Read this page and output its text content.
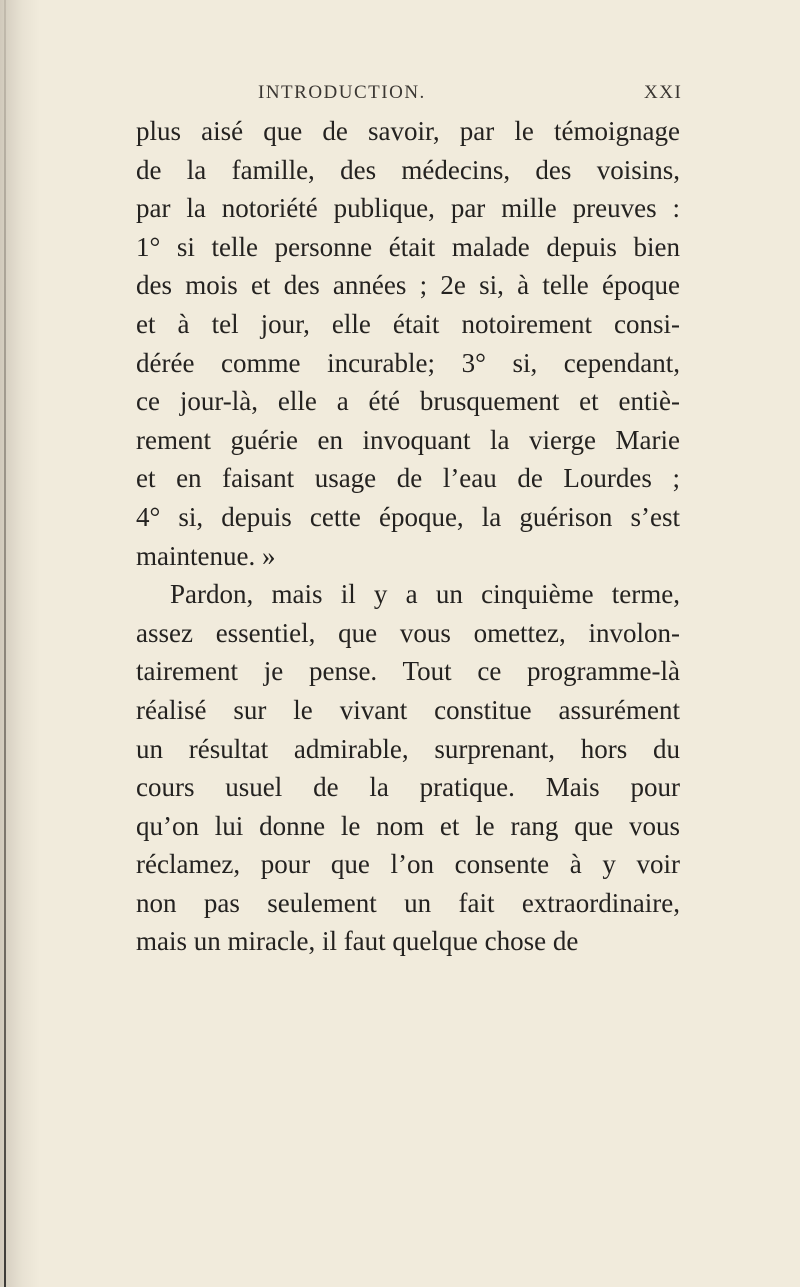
INTRODUCTION.	XXI
plus aisé que de savoir, par le témoignage
de la famille, des médecins, des voisins,
par la notoriété publique, par mille preuves :
1° si telle personne était malade depuis bien
des mois et des années ; 2e si, à telle époque
et à tel jour, elle était notoirement consi-
dérée comme incurable; 3° si, cependant,
ce jour-là, elle a été brusquement et entiè-
rement guérie en invoquant la vierge Marie
et en faisant usage de l’eau de Lourdes ;
4° si, depuis cette époque, la guérison s’est
maintenue. »
Pardon, mais il y a un cinquième terme,
assez essentiel, que vous omettez, involon-
tairement je pense. Tout ce programme-là
réalisé sur le vivant constitue assurément
un résultat admirable, surprenant, hors du
cours usuel de la pratique. Mais pour
qu’on lui donne le nom et le rang que vous
réclamez, pour que l’on consente à y voir
non pas seulement un fait extraordinaire,
mais un miracle, il faut quelque chose de
